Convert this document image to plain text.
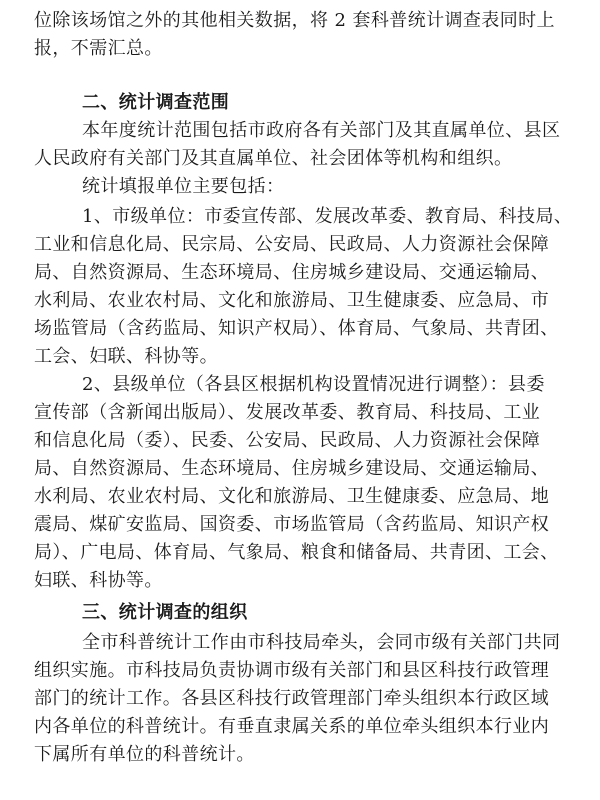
位除该场馆之外的其他相关数据，将 2 套科普统计调查表同时上
报，不需汇总。
二、统计调查范围
本年度统计范围包括市政府各有关部门及其直属单位、县区
人民政府有关部门及其直属单位、社会团体等机构和组织。
统计填报单位主要包括：
1、市级单位：市委宣传部、发展改革委、教育局、科技局、
工业和信息化局、民宗局、公安局、民政局、人力资源社会保障
局、自然资源局、生态环境局、住房城乡建设局、交通运输局、
水利局、农业农村局、文化和旅游局、卫生健康委、应急局、市
场监管局（含药监局、知识产权局）、体育局、气象局、共青团、
工会、妇联、科协等。
2、县级单位（各县区根据机构设置情况进行调整）：县委
宣传部（含新闻出版局）、发展改革委、教育局、科技局、工业
和信息化局（委）、民委、公安局、民政局、人力资源社会保障
局、自然资源局、生态环境局、住房城乡建设局、交通运输局、
水利局、农业农村局、文化和旅游局、卫生健康委、应急局、地
震局、煤矿安监局、国资委、市场监管局（含药监局、知识产权
局）、广电局、体育局、气象局、粮食和储备局、共青团、工会、
妇联、科协等。
三、统计调查的组织
全市科普统计工作由市科技局牵头，会同市级有关部门共同
组织实施。市科技局负责协调市级有关部门和县区科技行政管理
部门的统计工作。各县区科技行政管理部门牵头组织本行政区域
内各单位的科普统计。有垂直隶属关系的单位牵头组织本行业内
下属所有单位的科普统计。
